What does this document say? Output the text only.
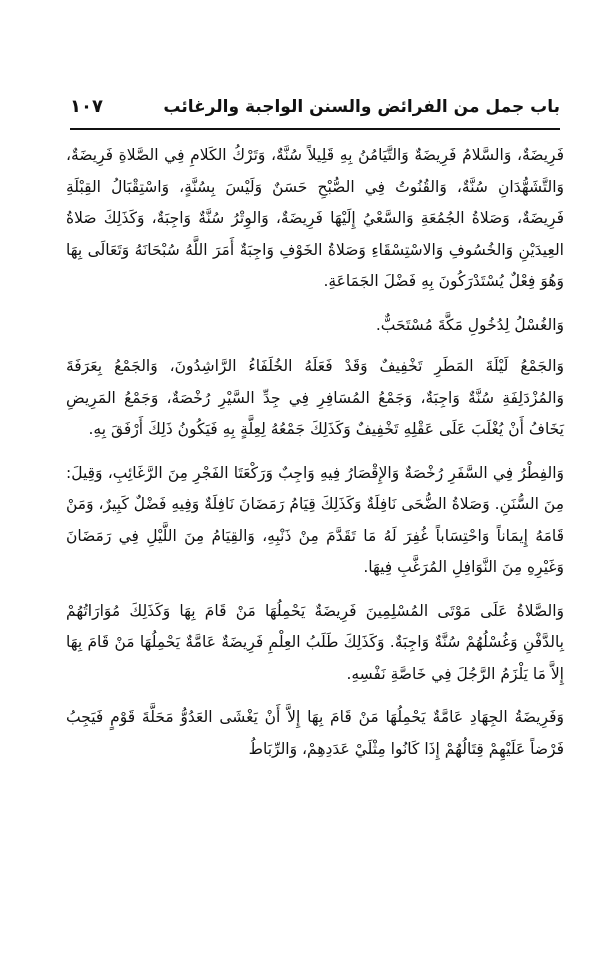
باب جمل من الفرائض والسنن الواجبة والرغائب
١٠٧

فَرِيضَةٌ، وَالسَّلامُ فَرِيضَةٌ وَالتَّيَامُنُ بِهِ قَلِيلاً سُنَّةٌ، وَتَرْكُ الكَلامِ فِي الصَّلاةِ فَرِيضَةٌ، وَالتَّشَهُّدَانِ سُنَّةٌ، وَالقُنُوتُ فِي الصُّبْحِ حَسَنٌ وَلَيْسَ بِسُنَّةٍ، وَاسْتِقْبَالُ القِبْلَةِ فَرِيضَةٌ، وَصَلاةُ الجُمُعَةِ وَالسَّعْيُ إِلَيْهَا فَرِيضَةٌ، وَالوِتْرُ سُنَّةٌ وَاجِبَةٌ، وَكَذَلِكَ صَلاةُ العِيدَيْنِ وَالخُسُوفِ وَالاسْتِسْقَاءِ وَصَلاةُ الخَوْفِ وَاجِبَةٌ أَمَرَ اللَّهُ سُبْحَانَهُ وَتَعَالَى بِهَا وَهُوَ فِعْلٌ يُسْتَدْرَكُونَ بِهِ فَضْلَ الجَمَاعَةِ.

وَالغُسْلُ لِدُخُولِ مَكَّةَ مُسْتَحَبٌّ.

وَالجَمْعُ لَيْلَةَ المَطَرِ تَخْفِيفٌ وَقَدْ فَعَلَهُ الخُلَفَاءُ الرَّاشِدُونَ، وَالجَمْعُ بِعَرَفَةَ وَالمُزْدَلِفَةِ سُنَّةٌ وَاجِبَةٌ، وَجَمْعُ المُسَافِرِ فِي جِدِّ السَّيْرِ رُخْصَةٌ، وَجَمْعُ المَرِيضِ يَخَافُ أَنْ يُغْلَبَ عَلَى عَقْلِهِ تَخْفِيفٌ وَكَذَلِكَ جَمْعُهُ لِعِلَّةٍ بِهِ فَيَكُونُ ذَلِكَ أَرْفَقَ بِهِ.

وَالفِطْرُ فِي السَّفَرِ رُخْصَةٌ وَالإِقْصَارُ فِيهِ وَاجِبٌ وَرَكْعَتَا الفَجْرِ مِنَ الرَّغَائِبِ، وَقِيلَ: مِنَ السُّنَنِ. وَصَلاةُ الضُّحَى نَافِلَةٌ وَكَذَلِكَ قِيَامُ رَمَضَانَ نَافِلَةٌ وَفِيهِ فَضْلٌ كَبِيرٌ، وَمَنْ قَامَهُ إِيمَاناً وَاحْتِسَاباً غُفِرَ لَهُ مَا تَقَدَّمَ مِنْ ذَنْبِهِ، وَالقِيَامُ مِنَ اللَّيْلِ فِي رَمَضَانَ وَغَيْرِهِ مِنَ النَّوَافِلِ المُرَغَّبِ فِيهَا.

وَالصَّلاةُ عَلَى مَوْتَى المُسْلِمِينَ فَرِيضَةٌ يَحْمِلُهَا مَنْ قَامَ بِهَا وَكَذَلِكَ مُوَارَاتُهُمْ بِالدَّفْنِ وَغُسْلُهُمْ سُنَّةٌ وَاجِبَةٌ. وَكَذَلِكَ طَلَبُ العِلْمِ فَرِيضَةٌ عَامَّةٌ يَحْمِلُهَا مَنْ قَامَ بِهَا إِلاَّ مَا يَلْزَمُ الرَّجُلَ فِي خَاصَّةِ نَفْسِهِ.

وَفَرِيضَةُ الجِهَادِ عَامَّةٌ يَحْمِلُهَا مَنْ قَامَ بِهَا إِلاَّ أَنْ يَغْشَى العَدُوُّ مَحَلَّةَ قَوْمٍ فَيَجِبُ فَرْضاً عَلَيْهِمْ قِتَالُهُمْ إِذَا كَانُوا مِثْلَيْ عَدَدِهِمْ، وَالرِّبَاطُ
